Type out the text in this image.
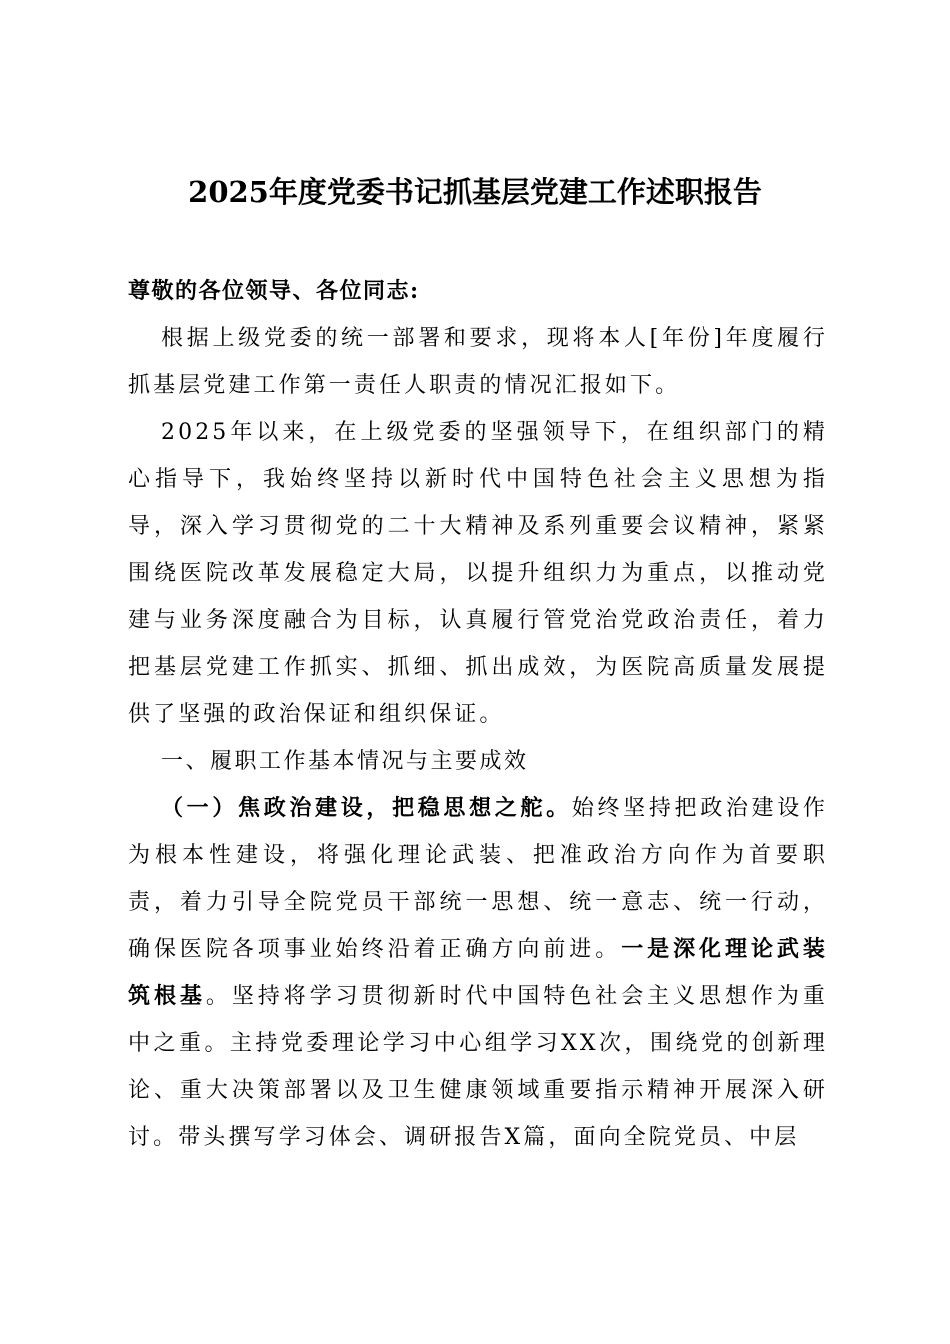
2025年度党委书记抓基层党建工作述职报告

尊敬的各位领导、各位同志:

根据上级党委的统一部署和要求，现将本人[年份]年度履行抓基层党建工作第一责任人职责的情况汇报如下。

2025年以来，在上级党委的坚强领导下，在组织部门的精心指导下，我始终坚持以新时代中国特色社会主义思想为指导，深入学习贯彻党的二十大精神及系列重要会议精神，紧紧围绕医院改革发展稳定大局，以提升组织力为重点，以推动党建与业务深度融合为目标，认真履行管党治党政治责任，着力把基层党建工作抓实、抓细、抓出成效，为医院高质量发展提供了坚强的政治保证和组织保证。

一、履职工作基本情况与主要成效

（一）焦政治建设，把稳思想之舵。始终坚持把政治建设作为根本性建设，将强化理论武装、把准政治方向作为首要职责，着力引导全院党员干部统一思想、统一意志、统一行动，确保医院各项事业始终沿着正确方向前进。一是深化理论武装筑根基。坚持将学习贯彻新时代中国特色社会主义思想作为重中之重。主持党委理论学习中心组学习XX次，围绕党的创新理论、重大决策部署以及卫生健康领域重要指示精神开展深入研讨。带头撰写学习体会、调研报告X篇，面向全院党员、中层
